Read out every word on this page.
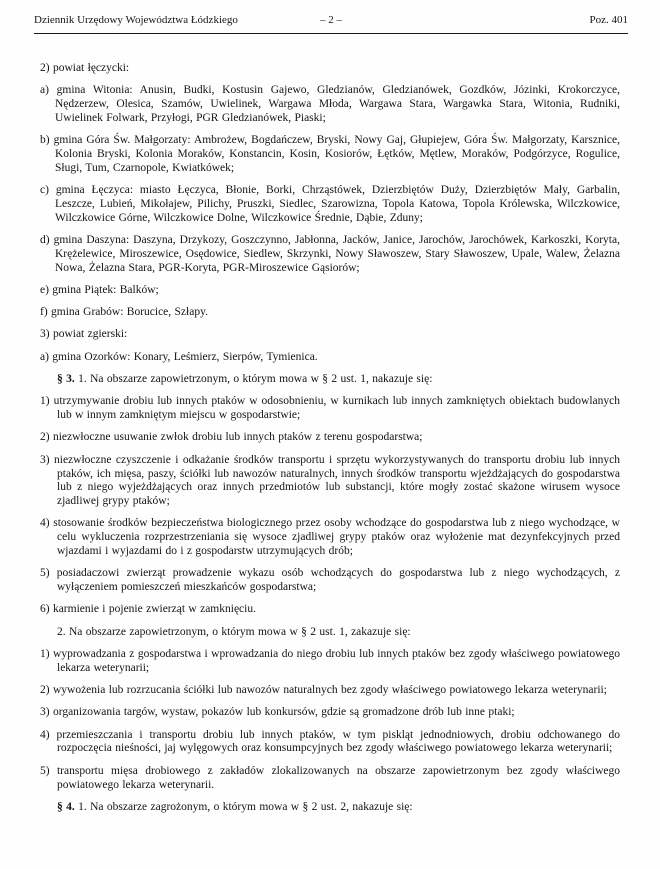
Dziennik Urzędowy Województwa Łódzkiego	– 2 –	Poz. 401

2) powiat łęczycki:

a) gmina Witonia: Anusin, Budki, Kostusin Gajewo, Gledzianów, Gledzianówek, Gozdków, Józinki, Krokorczyce, Nędzerzew, Olesica, Szamów, Uwielinek, Wargawa Młoda, Wargawa Stara, Wargawka Stara, Witonia, Rudniki, Uwielinek Folwark, Przyłogi, PGR Gledzianówek, Piaski;

b) gmina Góra Św. Małgorzaty: Ambrożew, Bogdańczew, Bryski, Nowy Gaj, Głupiejew, Góra Św. Małgorzaty, Karsznice, Kolonia Bryski, Kolonia Moraków, Konstancin, Kosin, Kosiorów, Łętków, Mętlew, Moraków, Podgórzyce, Rogulice, Sługi, Tum, Czarnopole, Kwiatkówek;

c) gmina Łęczyca: miasto Łęczyca, Błonie, Borki, Chrząstówek, Dzierzbiętów Duży, Dzierzbiętów Mały, Garbalin, Leszcze, Lubień, Mikołajew, Pilichy, Pruszki, Siedlec, Szarowizna, Topola Katowa, Topola Królewska, Wilczkowice, Wilczkowice Górne, Wilczkowice Dolne, Wilczkowice Średnie, Dąbie, Zduny;

d) gmina Daszyna: Daszyna, Drzykozy, Goszczynno, Jabłonna, Jacków, Janice, Jarochów, Jarochówek, Karkoszki, Koryta, Krężelewice, Miroszewice, Osędowice, Siedlew, Skrzynki, Nowy Sławoszew, Stary Sławoszew, Upale, Walew, Żelazna Nowa, Żelazna Stara, PGR-Koryta, PGR-Miroszewice Gąsiorów;

e) gmina Piątek: Balków;

f) gmina Grabów: Borucice, Szłapy.

3) powiat zgierski:

a) gmina Ozorków: Konary, Leśmierz, Sierpów, Tymienica.

§ 3. 1. Na obszarze zapowietrzonym, o którym mowa w § 2 ust. 1, nakazuje się:

1) utrzymywanie drobiu lub innych ptaków w odosobnieniu, w kurnikach lub innych zamkniętych obiektach budowlanych lub w innym zamkniętym miejscu w gospodarstwie;

2) niezwłoczne usuwanie zwłok drobiu lub innych ptaków z terenu gospodarstwa;

3) niezwłoczne czyszczenie i odkażanie środków transportu i sprzętu wykorzystywanych do transportu drobiu lub innych ptaków, ich mięsa, paszy, ściółki lub nawozów naturalnych, innych środków transportu wjeżdżających do gospodarstwa lub z niego wyjeżdżających oraz innych przedmiotów lub substancji, które mogły zostać skażone wirusem wysoce zjadliwej grypy ptaków;

4) stosowanie środków bezpieczeństwa biologicznego przez osoby wchodzące do gospodarstwa lub z niego wychodzące, w celu wykluczenia rozprzestrzeniania się wysoce zjadliwej grypy ptaków oraz wyłożenie mat dezynfekcyjnych przed wjazdami i wyjazdami do i z gospodarstw utrzymujących drób;

5) posiadaczowi zwierząt prowadzenie wykazu osób wchodzących do gospodarstwa lub z niego wychodzących, z wyłączeniem pomieszczeń mieszkańców gospodarstwa;

6) karmienie i pojenie zwierząt w zamknięciu.

2. Na obszarze zapowietrzonym, o którym mowa w § 2 ust. 1, zakazuje się:

1) wyprowadzania z gospodarstwa i wprowadzania do niego drobiu lub innych ptaków bez zgody właściwego powiatowego lekarza weterynarii;

2) wywożenia lub rozrzucania ściółki lub nawozów naturalnych bez zgody właściwego powiatowego lekarza weterynarii;

3) organizowania targów, wystaw, pokazów lub konkursów, gdzie są gromadzone drób lub inne ptaki;

4) przemieszczania i transportu drobiu lub innych ptaków, w tym piskląt jednodniowych, drobiu odchowanego do rozpoczęcia nieśności, jaj wylęgowych oraz konsumpcyjnych bez zgody właściwego powiatowego lekarza weterynarii;

5) transportu mięsa drobiowego z zakładów zlokalizowanych na obszarze zapowietrzonym bez zgody właściwego powiatowego lekarza weterynarii.

§ 4. 1. Na obszarze zagrożonym, o którym mowa w § 2 ust. 2, nakazuje się:
